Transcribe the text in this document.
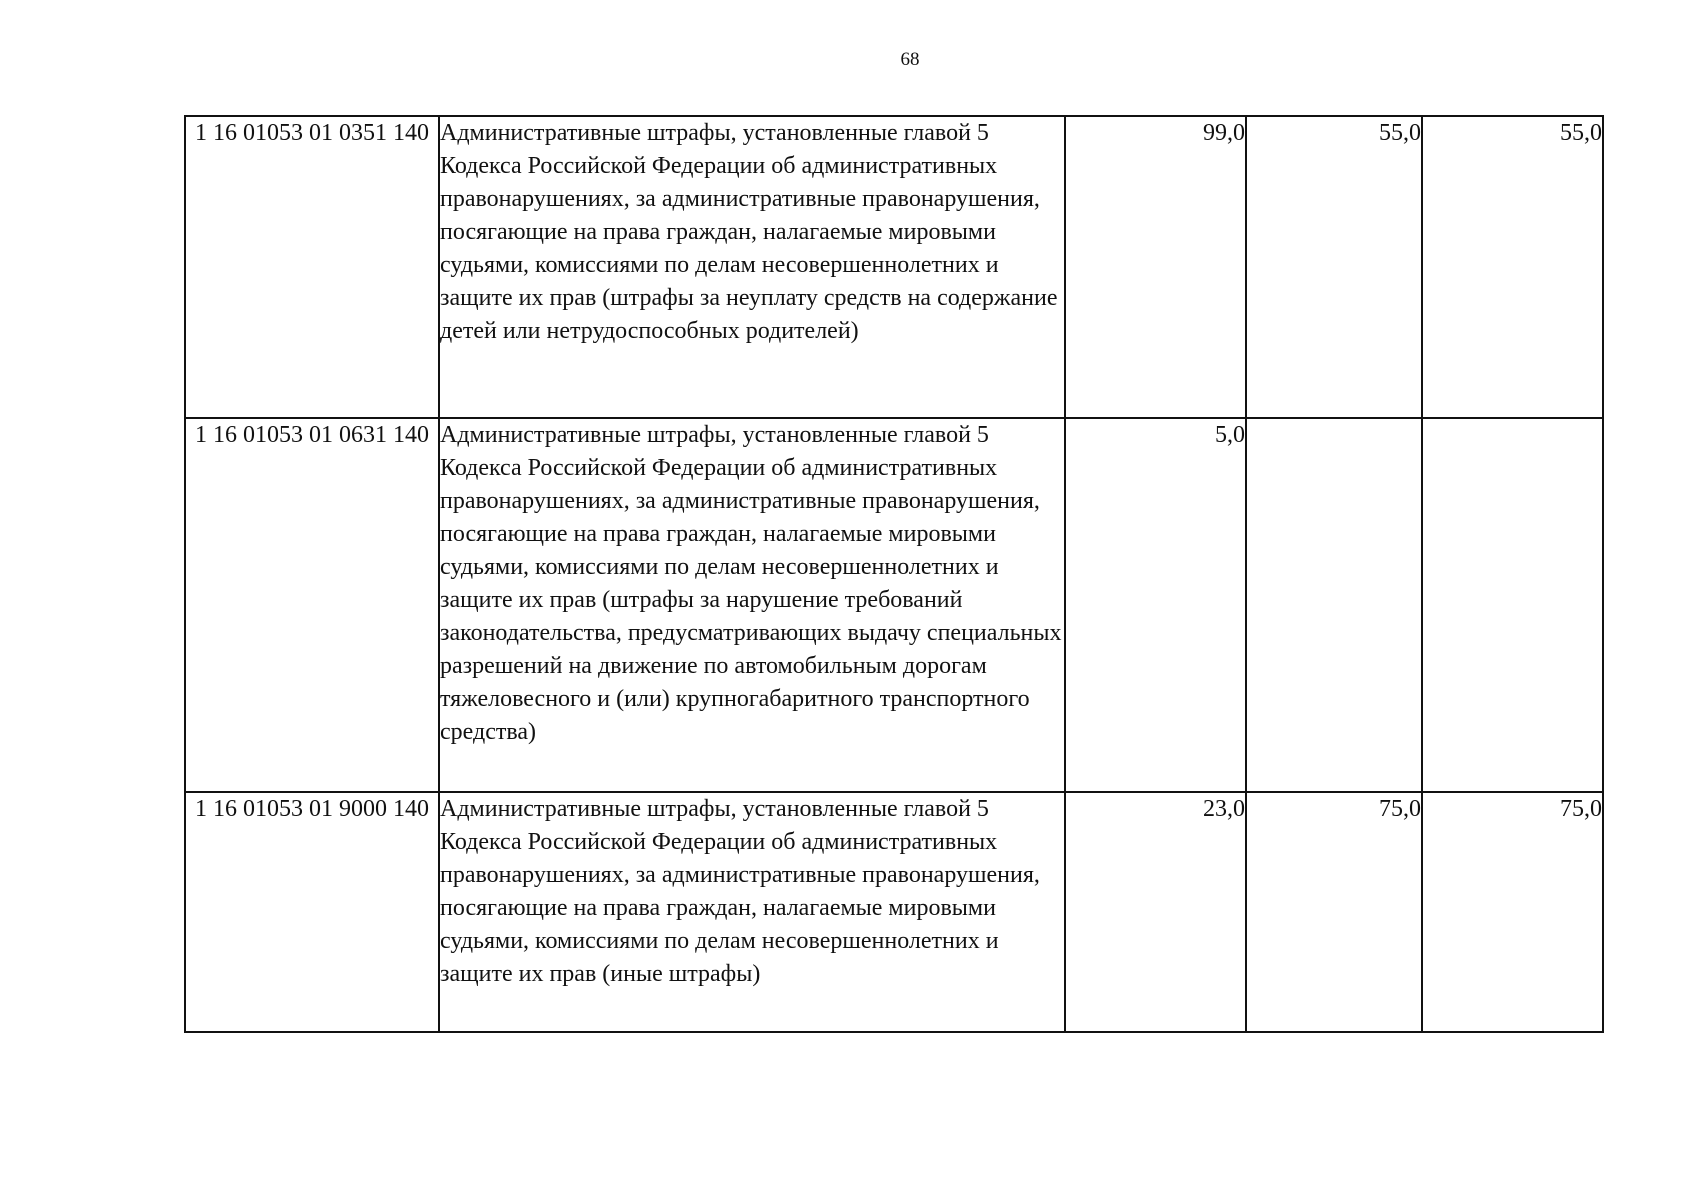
68
1 16 01053 01 0351 140	Административные штрафы, установленные главой 5 Кодекса Российской Федерации об административных правонарушениях, за административные правонарушения, посягающие на права граждан, налагаемые мировыми судьями, комиссиями по делам несовершеннолетних и защите их прав (штрафы за неуплату средств на содержание детей или нетрудоспособных родителей)	99,0	55,0	55,0
1 16 01053 01 0631 140	Административные штрафы, установленные главой 5 Кодекса Российской Федерации об административных правонарушениях, за административные правонарушения, посягающие на права граждан, налагаемые мировыми судьями, комиссиями по делам несовершеннолетних и защите их прав (штрафы за нарушение требований законодательства, предусматривающих выдачу специальных разрешений на движение по автомобильным дорогам тяжеловесного и (или) крупногабаритного транспортного средства)	5,0		
1 16 01053 01 9000 140	Административные штрафы, установленные главой 5 Кодекса Российской Федерации об административных правонарушениях, за административные правонарушения, посягающие на права граждан, налагаемые мировыми судьями, комиссиями по делам несовершеннолетних и защите их прав (иные штрафы)	23,0	75,0	75,0
